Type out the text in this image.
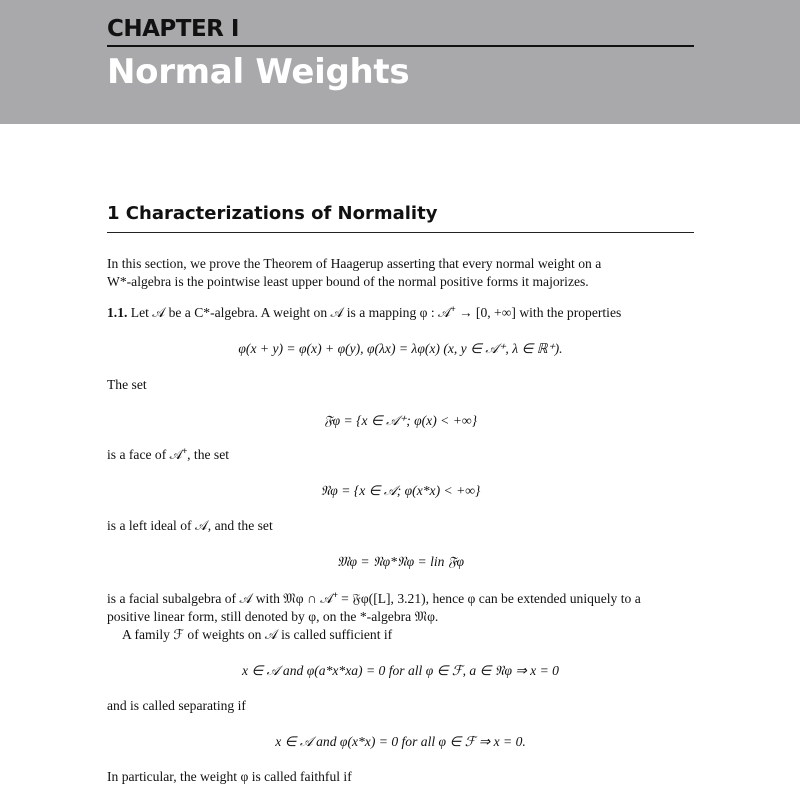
CHAPTER I
Normal Weights
1 Characterizations of Normality
In this section, we prove the Theorem of Haagerup asserting that every normal weight on a
W*-algebra is the pointwise least upper bound of the normal positive forms it majorizes.
1.1. Let 𝒜 be a C*-algebra. A weight on 𝒜 is a mapping φ : 𝒜⁺ → [0, +∞] with the properties
φ(x + y) = φ(x) + φ(y), φ(λx) = λφ(x) (x, y ∈ 𝒜⁺, λ ∈ ℝ⁺).
The set
𝔉φ = {x ∈ 𝒜⁺; φ(x) < +∞}
is a face of 𝒜⁺, the set
𝔑φ = {x ∈ 𝒜; φ(x*x) < +∞}
is a left ideal of 𝒜, and the set
𝔐φ = 𝔑φ*𝔑φ = lin 𝔉φ
is a facial subalgebra of 𝒜 with 𝔐φ ∩ 𝒜⁺ = 𝔉φ([L], 3.21), hence φ can be extended uniquely to a
positive linear form, still denoted by φ, on the *-algebra 𝔐φ.
A family ℱ of weights on 𝒜 is called sufficient if
x ∈ 𝒜 and φ(a*x*xa) = 0 for all φ ∈ ℱ, a ∈ 𝔑φ ⇒ x = 0
and is called separating if
x ∈ 𝒜 and φ(x*x) = 0 for all φ ∈ ℱ ⇒ x = 0.
In particular, the weight φ is called faithful if
